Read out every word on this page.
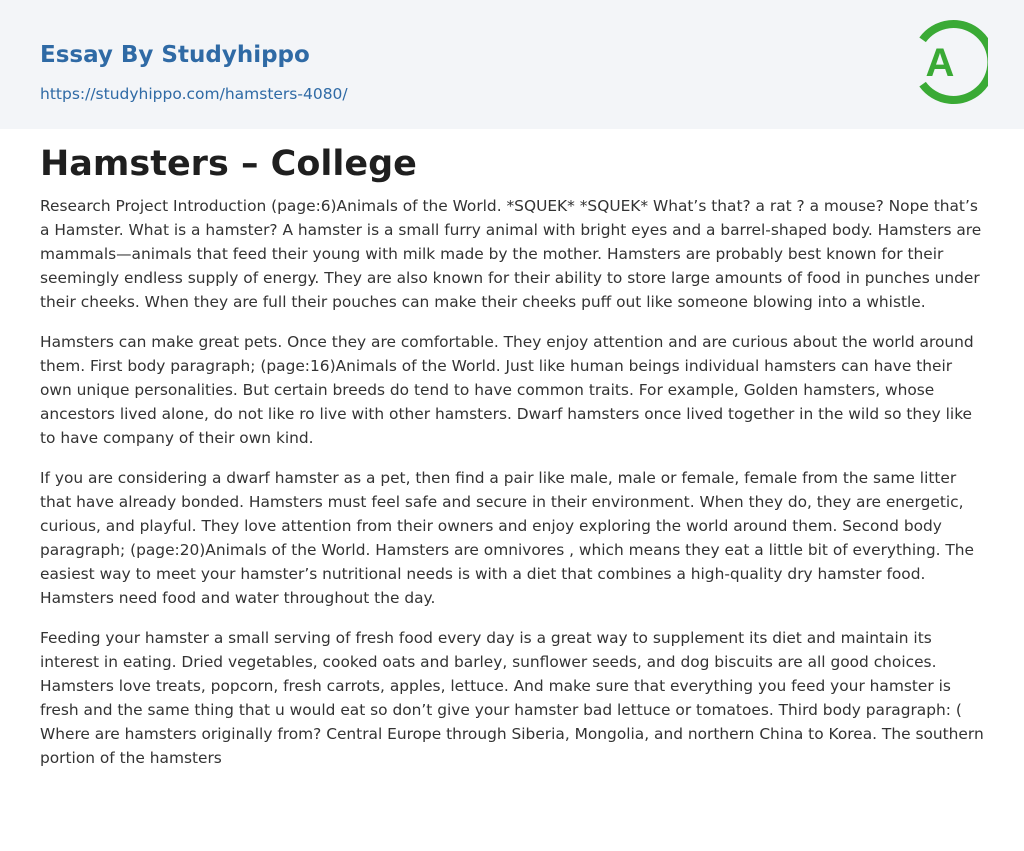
Essay By Studyhippo
https://studyhippo.com/hamsters-4080/
A
Hamsters – College

Research Project Introduction (page:6)Animals of the World. *SQUEK* *SQUEK* What’s that? a rat ? a mouse? Nope that’s a Hamster. What is a hamster? A hamster is a small furry animal with bright eyes and a barrel-shaped body. Hamsters are mammals—animals that feed their young with milk made by the mother. Hamsters are probably best known for their seemingly endless supply of energy. They are also known for their ability to store large amounts of food in punches under their cheeks. When they are full their pouches can make their cheeks puff out like someone blowing into a whistle.

Hamsters can make great pets. Once they are comfortable. They enjoy attention and are curious about the world around them. First body paragraph; (page:16)Animals of the World. Just like human beings individual hamsters can have their own unique personalities. But certain breeds do tend to have common traits. For example, Golden hamsters, whose ancestors lived alone, do not like ro live with other hamsters. Dwarf hamsters once lived together in the wild so they like to have company of their own kind.

If you are considering a dwarf hamster as a pet, then find a pair like male, male or female, female from the same litter that have already bonded. Hamsters must feel safe and secure in their environment. When they do, they are energetic, curious, and playful. They love attention from their owners and enjoy exploring the world around them. Second body paragraph; (page:20)Animals of the World. Hamsters are omnivores , which means they eat a little bit of everything. The easiest way to meet your hamster’s nutritional needs is with a diet that combines a high-quality dry hamster food. Hamsters need food and water throughout the day.

Feeding your hamster a small serving of fresh food every day is a great way to supplement its diet and maintain its interest in eating. Dried vegetables, cooked oats and barley, sunflower seeds, and dog biscuits are all good choices. Hamsters love treats, popcorn, fresh carrots, apples, lettuce. And make sure that everything you feed your hamster is fresh and the same thing that u would eat so don’t give your hamster bad lettuce or tomatoes. Third body paragraph: ( Where are hamsters originally from? Central Europe through Siberia, Mongolia, and northern China to Korea. The southern portion of the hamsters
